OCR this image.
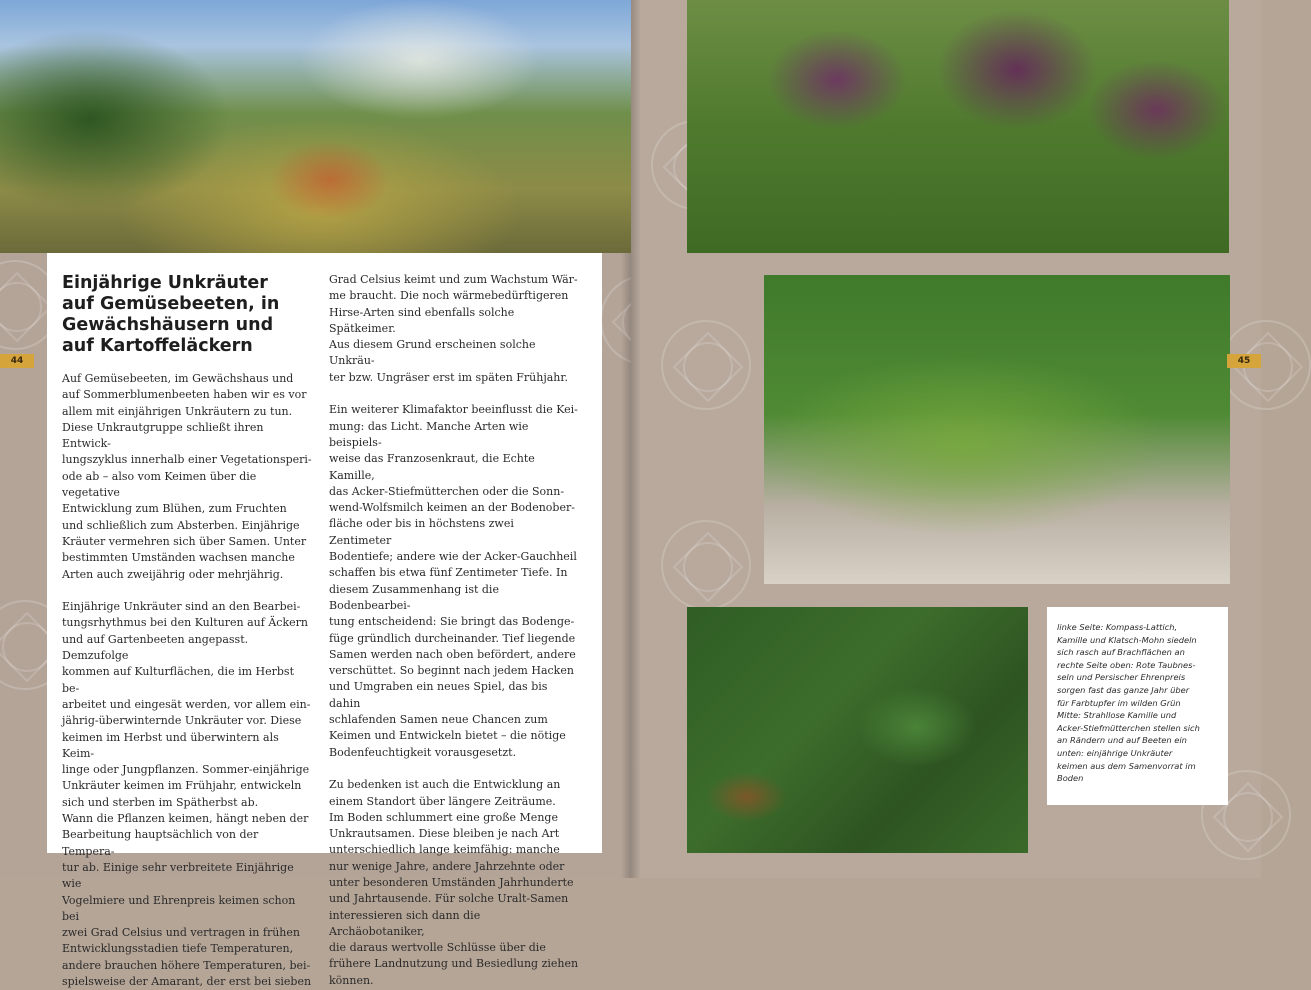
44	45
Einjährige Unkräuter
auf Gemüsebeeten, in
Gewächshäusern und
auf Kartoffeläckern

Auf Gemüsebeeten, im Gewächshaus und

auf Sommerblumenbeeten haben wir es vor

allem mit einjährigen Unkräutern zu tun.

Diese Unkrautgruppe schließt ihren Entwick-

lungszyklus innerhalb einer Vegetationsperi-

ode ab – also vom Keimen über die vegetative

Entwicklung zum Blühen, zum Fruchten

und schließlich zum Absterben. Einjährige

Kräuter vermehren sich über Samen. Unter

bestimmten Umständen wachsen manche

Arten auch zweijährig oder mehrjährig.

Einjährige Unkräuter sind an den Bearbei-

tungsrhythmus bei den Kulturen auf Äckern

und auf Gartenbeeten angepasst. Demzufolge

kommen auf Kulturflächen, die im Herbst be-

arbeitet und eingesät werden, vor allem ein-

jährig-überwinternde Unkräuter vor. Diese

keimen im Herbst und überwintern als Keim-

linge oder Jungpflanzen. Sommer-einjährige

Unkräuter keimen im Frühjahr, entwickeln

sich und sterben im Spätherbst ab.

Wann die Pflanzen keimen, hängt neben der

Bearbeitung hauptsächlich von der Tempera-

tur ab. Einige sehr verbreitete Einjährige wie

Vogelmiere und Ehrenpreis keimen schon bei

zwei Grad Celsius und vertragen in frühen

Entwicklungsstadien tiefe Temperaturen,

andere brauchen höhere Temperaturen, bei-

spielsweise der Amarant, der erst bei sieben

Grad Celsius keimt und zum Wachstum Wär-

me braucht. Die noch wärmebedürftigeren

Hirse-Arten sind ebenfalls solche Spätkeimer.

Aus diesem Grund erscheinen solche Unkräu-

ter bzw. Ungräser erst im späten Frühjahr.

Ein weiterer Klimafaktor beeinflusst die Kei-

mung: das Licht. Manche Arten wie beispiels-

weise das Franzosenkraut, die Echte Kamille,

das Acker-Stiefmütterchen oder die Sonn-

wend-Wolfsmilch keimen an der Bodenober-

fläche oder bis in höchstens zwei Zentimeter

Bodentiefe; andere wie der Acker-Gauchheil

schaffen bis etwa fünf Zentimeter Tiefe. In

diesem Zusammenhang ist die Bodenbearbei-

tung entscheidend: Sie bringt das Bodenge-

füge gründlich durcheinander. Tief liegende

Samen werden nach oben befördert, andere

verschüttet. So beginnt nach jedem Hacken

und Umgraben ein neues Spiel, das bis dahin

schlafenden Samen neue Chancen zum

Keimen und Entwickeln bietet – die nötige

Bodenfeuchtigkeit vorausgesetzt.

Zu bedenken ist auch die Entwicklung an

einem Standort über längere Zeiträume.

Im Boden schlummert eine große Menge

Unkrautsamen. Diese bleiben je nach Art

unterschiedlich lange keimfähig: manche

nur wenige Jahre, andere Jahrzehnte oder

unter besonderen Umständen Jahrhunderte

und Jahrtausende. Für solche Uralt-Samen

interessieren sich dann die Archäobotaniker,

die daraus wertvolle Schlüsse über die

frühere Landnutzung und Besiedlung ziehen

können.

linke Seite: Kompass-Lattich,

Kamille und Klatsch-Mohn siedeln

sich rasch auf Brachflächen an

rechte Seite oben: Rote Taubnes-

seln und Persischer Ehrenpreis

sorgen fast das ganze Jahr über

für Farbtupfer im wilden Grün

Mitte: Strahllose Kamille und

Acker-Stiefmütterchen stellen sich

an Rändern und auf Beeten ein

unten: einjährige Unkräuter

keimen aus dem Samenvorrat im

Boden
